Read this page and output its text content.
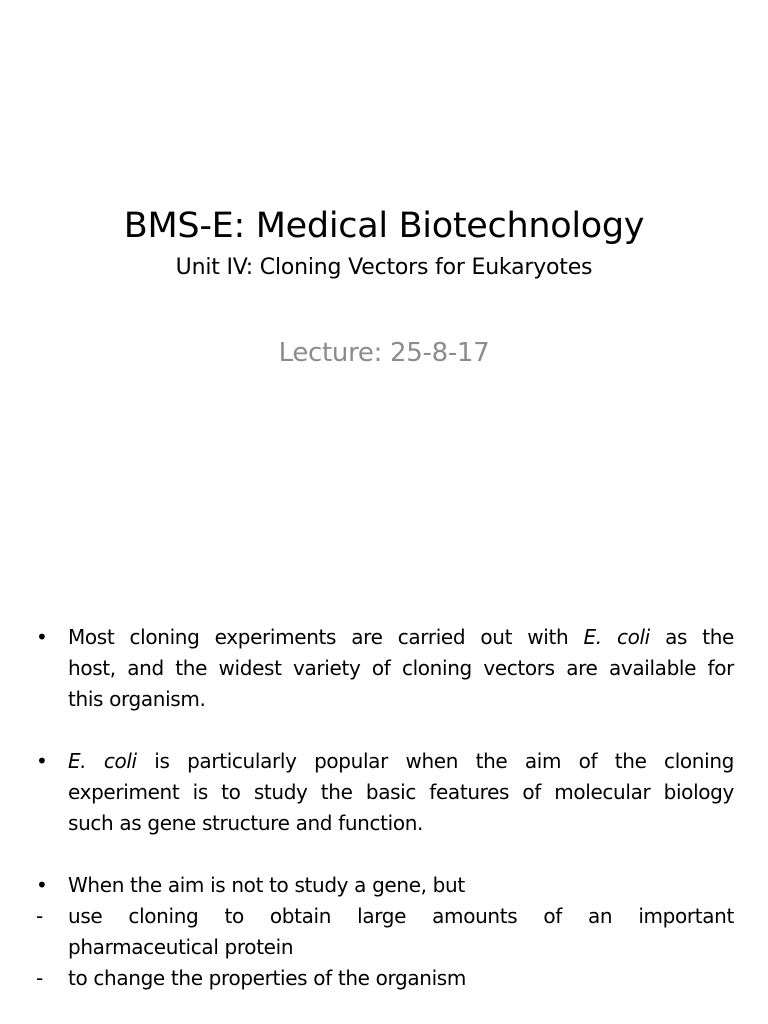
BMS-E: Medical Biotechnology
Unit IV: Cloning Vectors for Eukaryotes
Lecture: 25-8-17
•	Most cloning experiments are carried out with E. coli as the
host, and the widest variety of cloning vectors are available for
this organism.
•	E. coli is particularly popular when the aim of the cloning
experiment is to study the basic features of molecular biology
such as gene structure and function.
•	When the aim is not to study a gene, but
-	use cloning to obtain large amounts of an important
pharmaceutical protein
-	to change the properties of the organism
